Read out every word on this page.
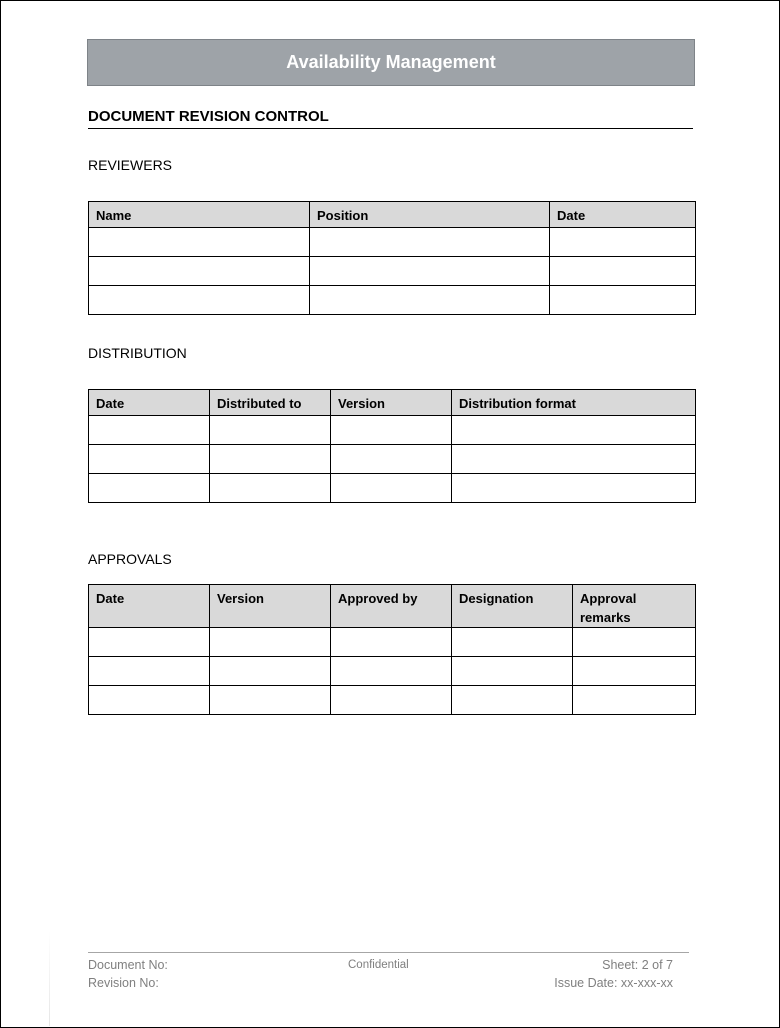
Availability Management
DOCUMENT REVISION CONTROL
REVIEWERS
Name	Position	Date

DISTRIBUTION
Date	Distributed to	Version	Distribution format

APPROVALS
Date	Version	Approved by	Designation	Approval remarks

Document No:
Revision No:
Confidential	Sheet: 2 of 7
Issue Date: xx-xxx-xx
